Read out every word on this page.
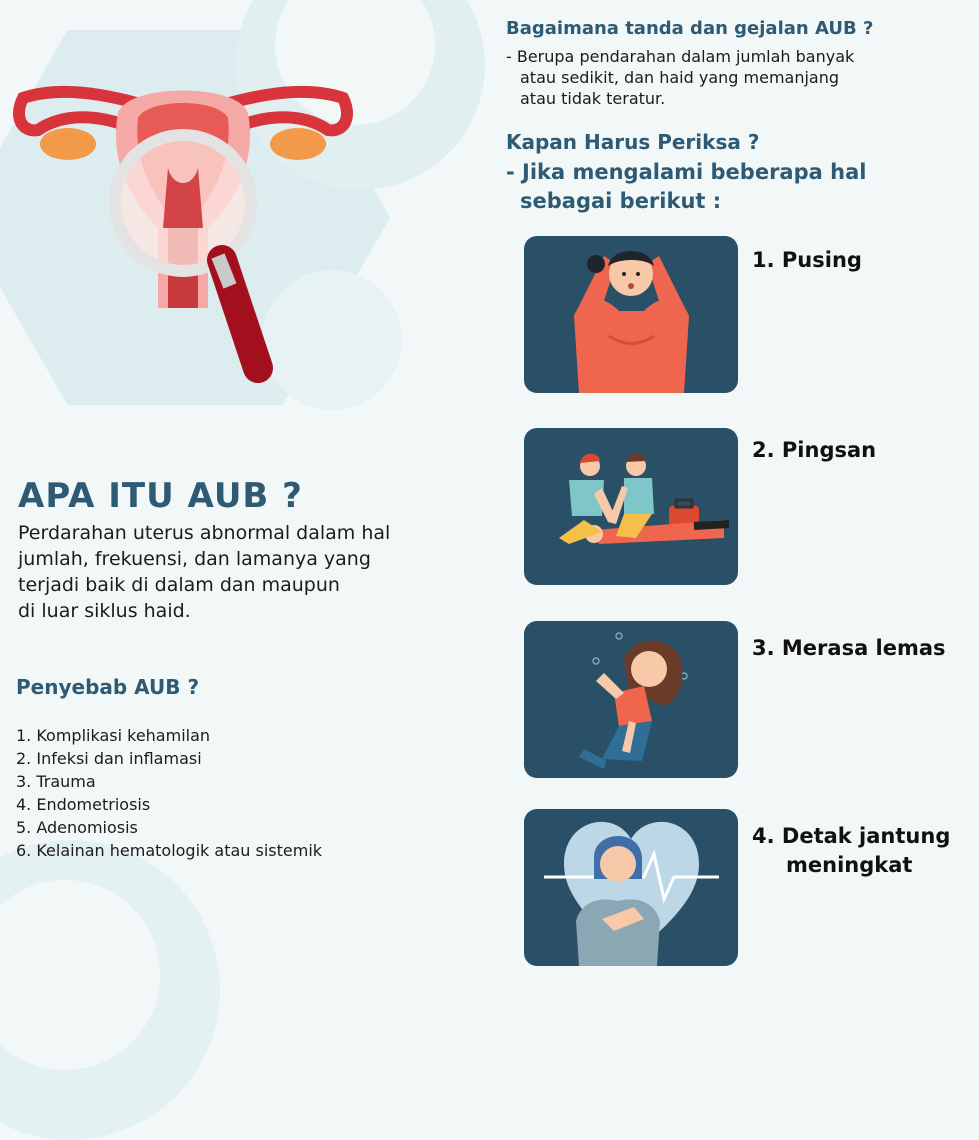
Bagaimana tanda dan gejalan AUB ?
- Berupa pendarahan dalam jumlah banyak
atau sedikit, dan haid yang memanjang
atau tidak teratur.
Kapan Harus Periksa ?
- Jika mengalami beberapa hal
sebagai berikut :
1. Pusing
2. Pingsan
3. Merasa lemas
4. Detak jantung
meningkat
APA ITU AUB ?
Perdarahan uterus abnormal dalam hal
jumlah, frekuensi, dan lamanya yang
terjadi baik di dalam dan maupun
di luar siklus haid.
Penyebab AUB ?
1. Komplikasi kehamilan
2. Infeksi dan inflamasi
3. Trauma
4. Endometriosis
5. Adenomiosis
6. Kelainan hematologik atau sistemik
